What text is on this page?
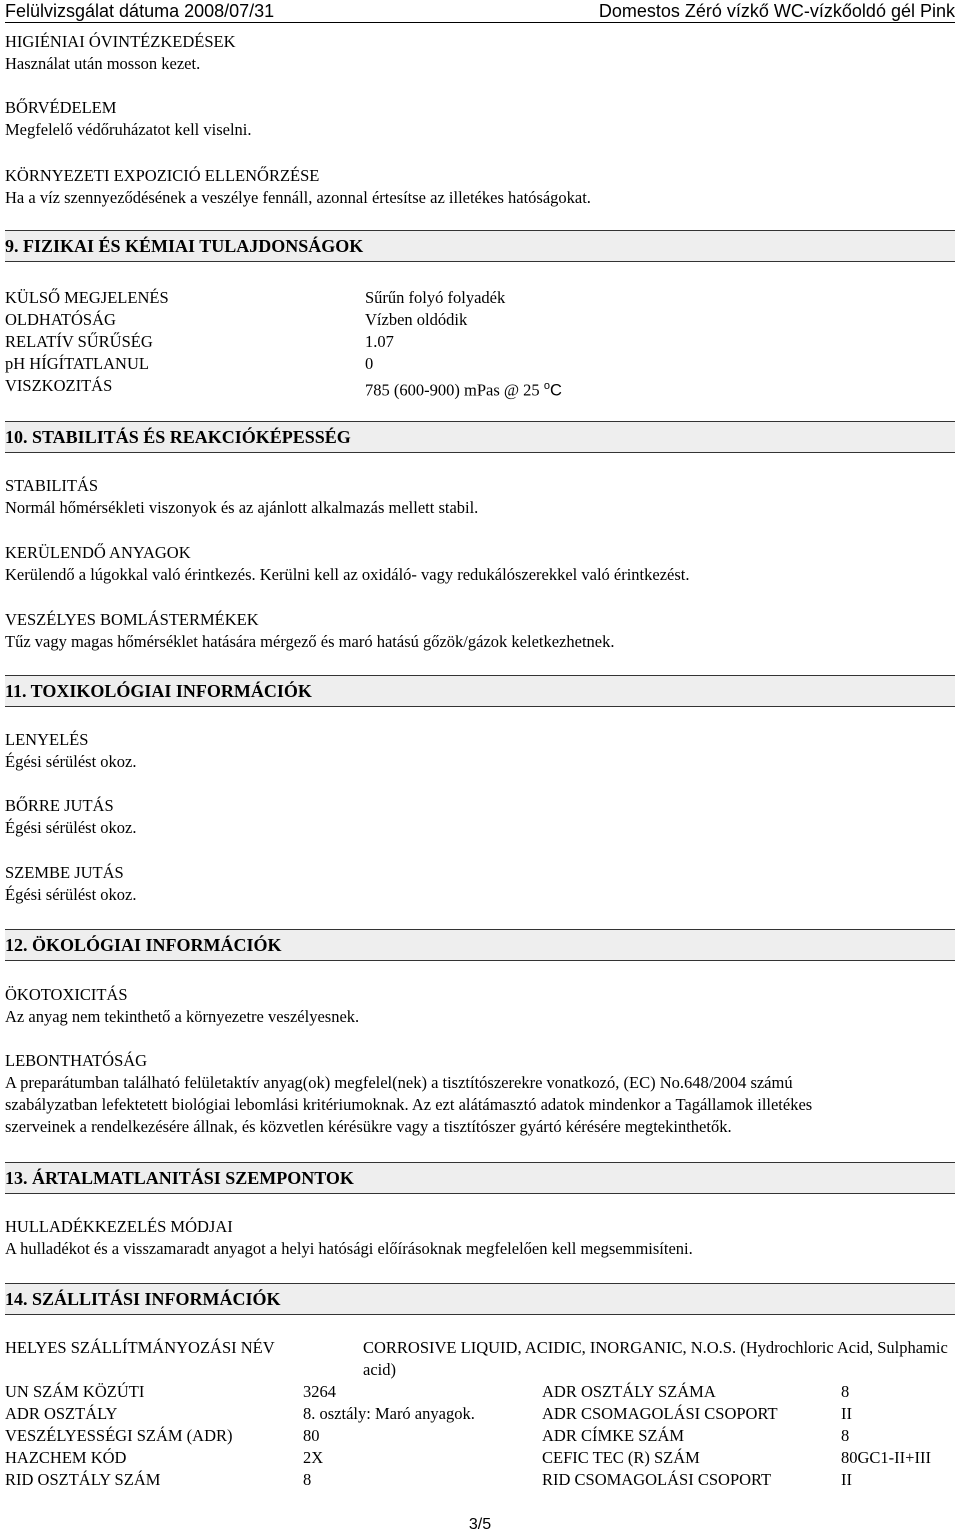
Felülvizsgálat dátuma 2008/07/31	Domestos Zéró vízkő WC-vízkőoldó gél Pink
HIGIÉNIAI ÓVINTÉZKEDÉSEK
Használat után mosson kezet.
BŐRVÉDELEM
Megfelelő védőruházatot kell viselni.
KÖRNYEZETI EXPOZICIÓ ELLENŐRZÉSE
Ha a víz szennyeződésének a veszélye fennáll, azonnal értesítse az illetékes hatóságokat.
9. FIZIKAI ÉS KÉMIAI TULAJDONSÁGOK
KÜLSŐ MEGJELENÉS	Sűrűn folyó folyadék
OLDHATÓSÁG	Vízben oldódik
RELATÍV SŰRŰSÉG	1.07
pH HÍGÍTATLANUL	0
VISZKOZITÁS	785 (600-900) mPas @ 25 $^o$C
10. STABILITÁS ÉS REAKCIÓKÉPESSÉG
STABILITÁS
Normál hőmérsékleti viszonyok és az ajánlott alkalmazás mellett stabil.
KERÜLENDŐ ANYAGOK
Kerülendő a lúgokkal való érintkezés. Kerülni kell az oxidáló- vagy redukálószerekkel való érintkezést.
VESZÉLYES BOMLÁSTERMÉKEK
Tűz vagy magas hőmérséklet hatására mérgező és maró hatású gőzök/gázok keletkezhetnek.
11. TOXIKOLÓGIAI INFORMÁCIÓK
LENYELÉS
Égési sérülést okoz.
BŐRRE JUTÁS
Égési sérülést okoz.
SZEMBE JUTÁS
Égési sérülést okoz.
12. ÖKOLÓGIAI INFORMÁCIÓK
ÖKOTOXICITÁS
Az anyag nem tekinthető a környezetre veszélyesnek.
LEBONTHATÓSÁG
A preparátumban található felületaktív anyag(ok) megfelel(nek) a tisztítószerekre vonatkozó, (EC) No.648/2004 számú
szabályzatban lefektetett biológiai lebomlási kritériumoknak. Az ezt alátámasztó adatok mindenkor a Tagállamok illetékes
szerveinek a rendelkezésére állnak, és közvetlen kérésükre vagy a tisztítószer gyártó kérésére megtekinthetők.
13. ÁRTALMATLANITÁSI SZEMPONTOK
HULLADÉKKEZELÉS MÓDJAI
A hulladékot és a visszamaradt anyagot a helyi hatósági előírásoknak megfelelően kell megsemmisíteni.
14. SZÁLLITÁSI INFORMÁCIÓK
HELYES SZÁLLÍTMÁNYOZÁSI NÉV	CORROSIVE LIQUID, ACIDIC, INORGANIC, N.O.S. (Hydrochloric Acid, Sulphamic acid)
UN SZÁM KÖZÚTI	3264	ADR OSZTÁLY SZÁMA	8
ADR OSZTÁLY	8. osztály: Maró anyagok.	ADR CSOMAGOLÁSI CSOPORT	II
VESZÉLYESSÉGI SZÁM (ADR)	80	ADR CÍMKE SZÁM	8
HAZCHEM KÓD	2X	CEFIC TEC (R) SZÁM	80GC1-II+III
RID OSZTÁLY SZÁM	8	RID CSOMAGOLÁSI CSOPORT	II
3/5
